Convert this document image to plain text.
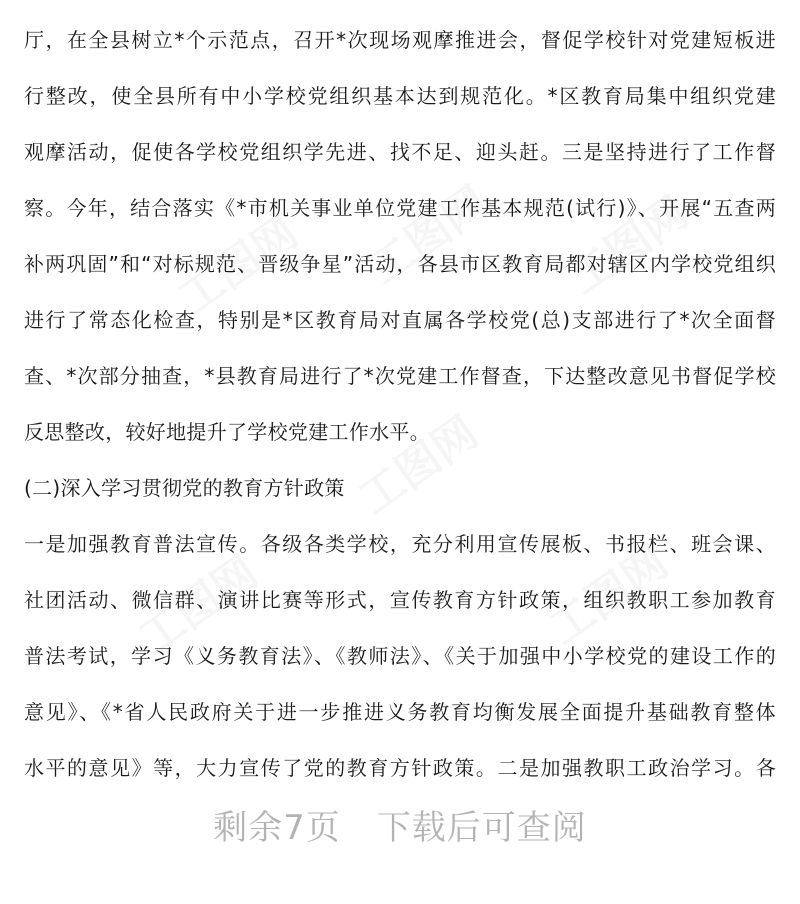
工图网 工图网 工图网
工图网
工图网
工图网
厅，在全县树立*个示范点，召开*次现场观摩推进会，督促学校针对党建短板进
行整改，使全县所有中小学校党组织基本达到规范化。*区教育局集中组织党建
观摩活动，促使各学校党组织学先进、找不足、迎头赶。三是坚持进行了工作督
察。今年，结合落实《*市机关事业单位党建工作基本规范(试行)》、开展“五查两
补两巩固”和“对标规范、晋级争星”活动，各县市区教育局都对辖区内学校党组织
进行了常态化检查，特别是*区教育局对直属各学校党(总)支部进行了*次全面督
查、*次部分抽查，*县教育局进行了*次党建工作督查，下达整改意见书督促学校
反思整改，较好地提升了学校党建工作水平。
(二)深入学习贯彻党的教育方针政策
一是加强教育普法宣传。各级各类学校，充分利用宣传展板、书报栏、班会课、
社团活动、微信群、演讲比赛等形式，宣传教育方针政策，组织教职工参加教育
普法考试，学习《义务教育法》、《教师法》、《关于加强中小学校党的建设工作的
意见》、《*省人民政府关于进一步推进义务教育均衡发展全面提升基础教育整体
水平的意见》等，大力宣传了党的教育方针政策。二是加强教职工政治学习。各
剩余7页 下载后可查阅
